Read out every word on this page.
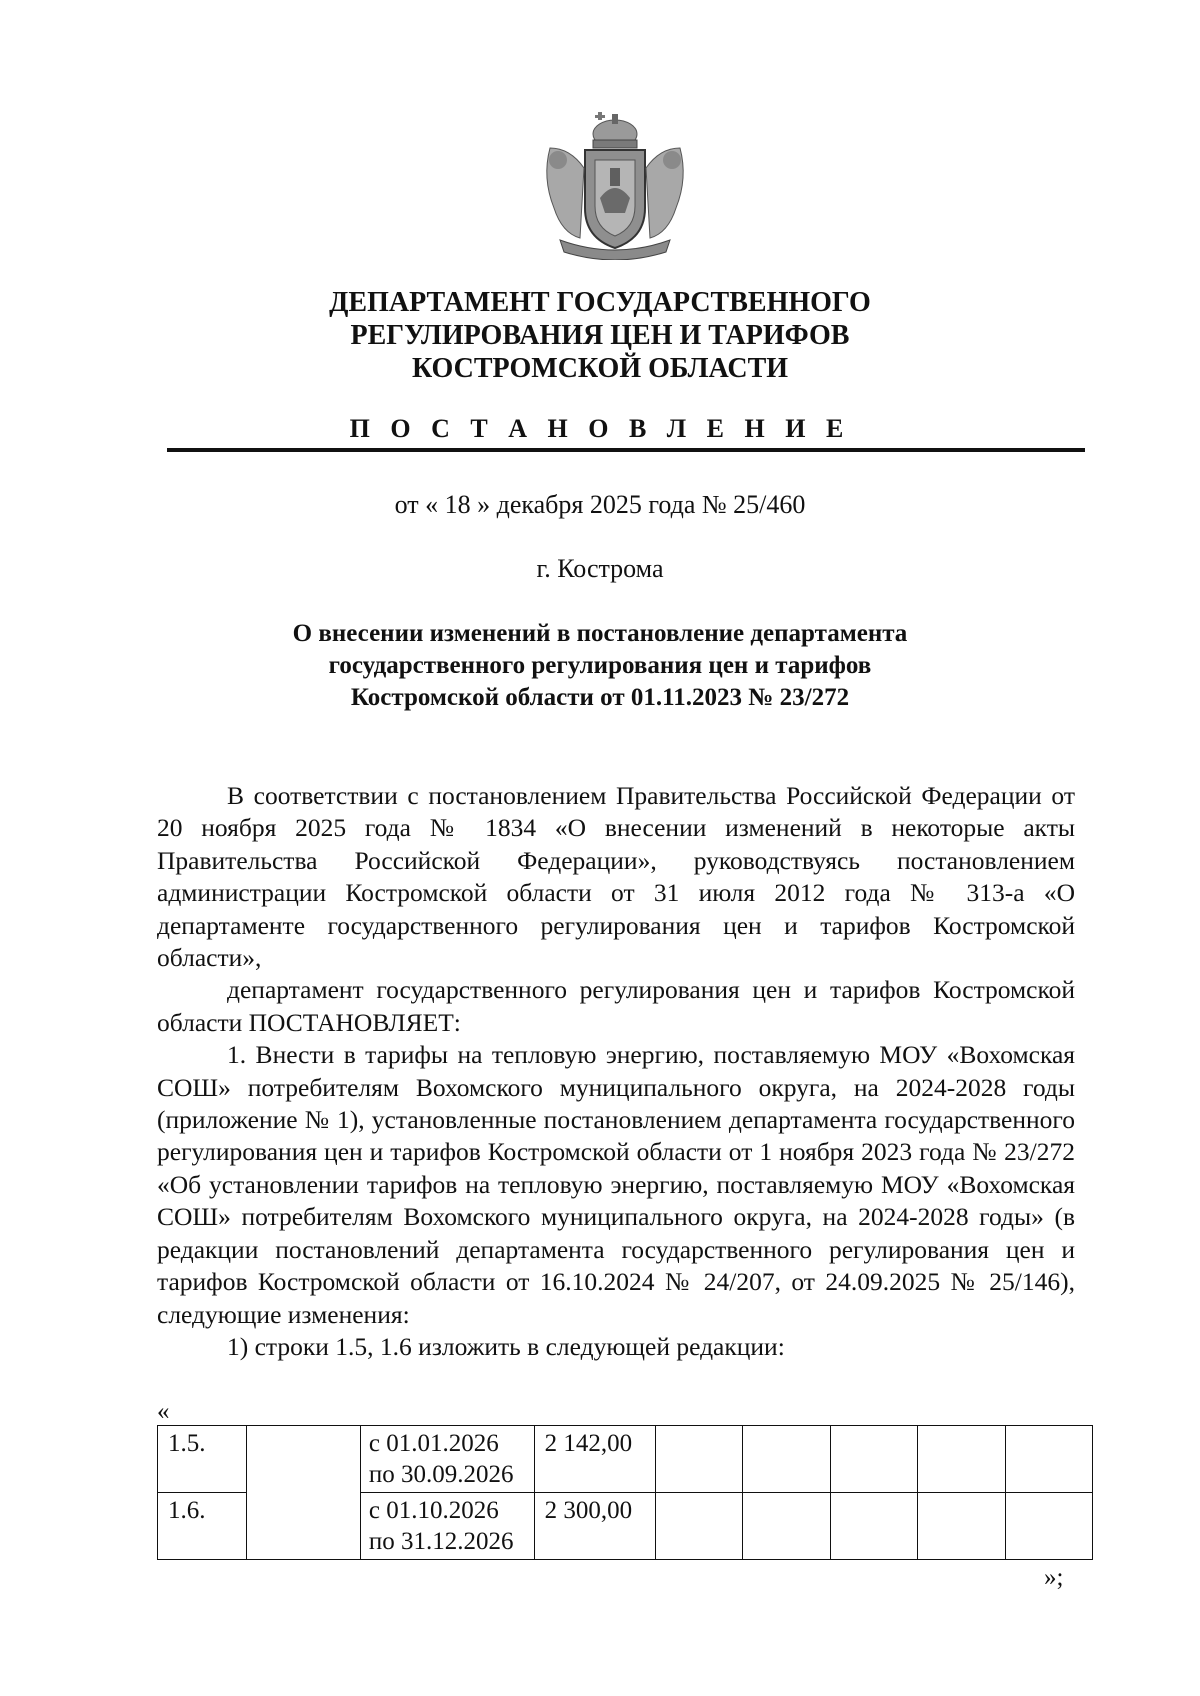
ДЕПАРТАМЕНТ ГОСУДАРСТВЕННОГО
РЕГУЛИРОВАНИЯ ЦЕН И ТАРИФОВ
КОСТРОМСКОЙ ОБЛАСТИ
П О С Т А Н О В Л Е Н И Е
от « 18 » декабря 2025 года № 25/460
г. Кострома
О внесении изменений в постановление департамента
государственного регулирования цен и тарифов
Костромской области от 01.11.2023 № 23/272

В соответствии с постановлением Правительства Российской Федерации от 20 ноября 2025 года № 1834 «О внесении изменений в некоторые акты Правительства Российской Федерации», руководствуясь постановлением администрации Костромской области от 31 июля 2012 года № 313-а «О департаменте государственного регулирования цен и тарифов Костромской области»,

департамент государственного регулирования цен и тарифов Костромской области ПОСТАНОВЛЯЕТ:

1. Внести в тарифы на тепловую энергию, поставляемую МОУ «Вохомская СОШ» потребителям Вохомского муниципального округа, на 2024-2028 годы (приложение № 1), установленные постановлением департамента государственного регулирования цен и тарифов Костромской области от 1 ноября 2023 года № 23/272 «Об установлении тарифов на тепловую энергию, поставляемую МОУ «Вохомская СОШ» потребителям Вохомского муниципального округа, на 2024-2028 годы» (в редакции постановлений департамента государственного регулирования цен и тарифов Костромской области от 16.10.2024 № 24/207, от 24.09.2025 № 25/146), следующие изменения:

1) строки 1.5, 1.6 изложить в следующей редакции:

«
1.5.		с 01.01.2026
по 30.09.2026	2 142,00					
1.6.		с 01.10.2026
по 31.12.2026	2 300,00					
»;
